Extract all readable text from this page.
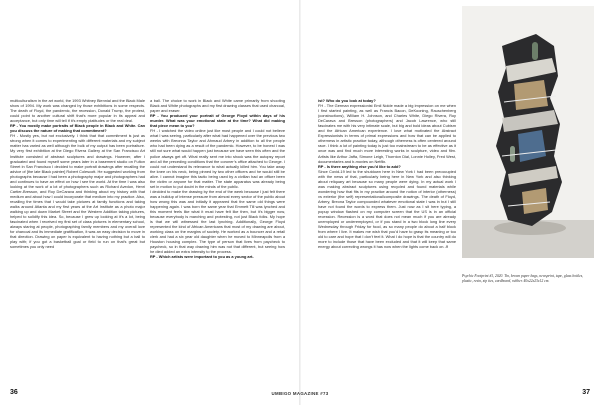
multiculturalism in the art world, the 1993 Whitney Biennial and the Black Male show of 1994. My work was changed by those exhibitions in some respects. The death of Floyd, the pandemic, the recession, Donald Trump, the protest, could point to another cultural shift that’s more popular in its appeal and acceptance, but only time will tell if it’s empty platitudes or the real deal.

RP - You mostly make portraits of Black people in Black and White. Can you discuss the nature of making that commitment?

FH - Mostly yes, but not exclusively. I think that that commitment is just as strong when it comes to experimenting with different materials and my subject matter has varied as well although the bulk of my output has been portraiture. My very first exhibition at the Diego Rivera Gallery at the San Francisco Art Institute consisted of abstract sculptures and drawings. However, after I graduated and found myself some years later in a basement studio on Fulton Street in San Francisco I decided to make portrait drawings after recalling the advice of [the late Black painter] Robert Colescott. He suggested working from photographs because I had been a photography major and photographers had and continues to have an effect on how I see the world. At the time I was also looking at the work of a lot of photographers such as Richard Avedon, Henri Cartier-Bresson, and Roy DeCarava and thinking about my history with that medium and about how I could incorporate that medium into my practice. Also, recalling the times that I would take pictures at family functions and taking walks around Atlanta and my first years at the Art Institute as a photo major walking up and down Market Street and the Western Addition taking pictures, helped to solidify this idea. So, because I grew up looking at it’s a lot, being fascinated when I received my first set of class pictures in elementary school, always staring at people, photographing family members and my overall love for charcoal and its immediate gratification, it was an easy decision to move in that direction. Drawing on paper is equivalent to having nothing but a ball to play with; if you got a basketball goal or field to run on that’s great but sometimes you only need

a ball. The choice to work in Black and White came primarily from shooting Black and White photographs and my first drawing classes that used charcoal, paper and eraser.

RP - You produced your portrait of George Floyd within days of his murder. What was your emotional state at the time? What did making that piece mean to you?

FH - I watched the video online just like most people and I could not believe what I was seeing, particularly after what had happened over the previous two weeks with Breonna Taylor and Ahmaud Arbery in addition to all the people who had been dying as a result of the pandemic. However, to be honest I was still not sure what would happen just because we have seen this often and the police always get off. What really sent me into shock was the autopsy report and all the preceding conditions that the coroner’s office attached to George. I could not understand its relevance to what actually killed him. You take away the knee on his neck, being pinned by two other officers and he would still be alive. I cannot imagine this tactic being used by a civilian had an officer been the victim or anyone for that matter. The state apparatus was already being set in motion to put doubt in the minds of the public.

I decided to make the drawing by the end of the week because I just felt there was a buildup of intense pressure from almost every sector of the public about how wrong this was and initially it appeared that the same old things were happening again. I was born the same year that Emmett Till was lynched and this moment feels like what it must have felt like then, but it’s bigger now, because everybody is marching and protesting, not just Black folks. My hope is that we will witnessed the last lynching. Additionally, George Floyd represented the kind of African Americans that most of my drawing are about, working class on the margins of society. He worked as a bouncer and a retail clerk and had a six year old daughter when he moved to Minneapolis from a Houston housing complex. The type of person that lives from paycheck to paycheck, so in that way drawing him was not that different, but seeing how he died added an extra intensity to the process.

RP - Which artists were important to you as a young art-

ist? Who do you look at today?

FH - The German expressionist Emil Nolde made a big impression on me when I first started painting, as well as Francis Bacon, DeKooning, Rauschenberg (constructions), William H. Johnson, and Charles White, Diego Rivera, Roy DeCarava and Bresson (photographers) and Jacob Lawrence, who still fascinates me with his very intimate scale, but big and bold ideas about Cubism and the African American experience. I love what motivated the Abstract Expressionists in terms of primal expressions and how that can be applied to otherness in artistic practice today, although otherness is often centered around race. I think a lot of painting today is just too mainstream to be as effective as it once was and find much more interesting works in sculpture, video and film. Artists like Arthur Jaffa, Simone Leigh, Thornton Dial, Lonnie Holley, Fred West, documentaries and b-movies on Netflix.

RP - Is there anything else you’d like to add?

Since Covid-19 led to the shutdown here in New York I had been preoccupied with the news of that, particularly being here in New York and also thinking about reliquary art because so many people were dying. In my actual work I was making abstract sculptures using recycled and found materials while wondering how that fits in my practice around the notion of interior (otherness) vs exterior (the self) representational/composite drawings. The death of Floyd, Arbery, Breona Taylor compounded whatever emotional state I was in but I still have not found the words to express them. Just now as I sit here typing, a popup window flashed on my computer screen that the US is in an official recession. Recession is a word that does not mean much if you are already unemployed or underemployed, or if you stand in a two block long line every Wednesday through Friday for food, as so many people do about a half block from where I live. It makes me wish that you’d have to grasp its meaning or too old to care and hope that I don’t feel it. What I do hope is that the country will do more to include those that have been excluded and that it will keep that same energy about correcting wrongs it has now when the lights come back on. //

Psychic Footprint #1, 2020. Tin, brown paper bags, newsprint, tape, glass bottles, plastic, resin, zip ties, cardboard, rubber. 40x22x23x12 cm.
36	UMBIGO MAGAZINE #73	37
